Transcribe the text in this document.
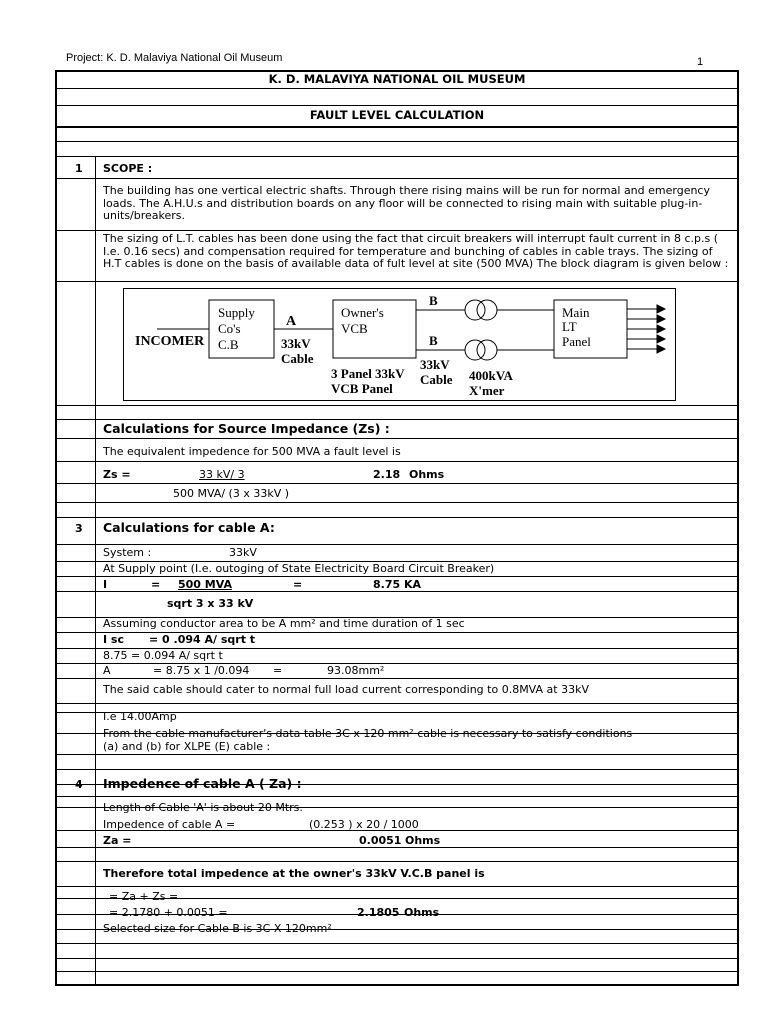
Project: K. D. Malaviya National Oil Museum	1
K. D. MALAVIYA NATIONAL OIL MUSEUM
FAULT LEVEL CALCULATION
1 SCOPE :
The building has one vertical electric shafts. Through there rising mains will be run for normal and emergency loads. The A.H.U.s and distribution boards on any floor will be connected to rising main with suitable plug-in-units/breakers.
The sizing of L.T. cables has been done using the fact that circuit breakers will interrupt fault current in 8 c.p.s ( I.e. 0.16 secs) and compensation required for temperature and bunching of cables in cable trays. The sizing of H.T cables is done on the basis of available data of fult level at site (500 MVA) The block diagram is given below :
INCOMER
Supply
Co's
C.B
A
33kV
Cable
Owner's
VCB
3 Panel 33kV
VCB Panel
B
B
33kV
Cable 400kVA
X'mer
Main
LT
Panel
Calculations for Source Impedance (Zs) :
The equivalent impedence for 500 MVA a fault level is
Zs =	33 kV/ 3	2.18 Ohms
500 MVA/ (3 x 33kV )
3 Calculations for cable A:
System :	33kV
At Supply point (I.e. outoging of State Electricity Board Circuit Breaker)
I	= 500 MVA	=	8.75 KA
sqrt 3 x 33 kV
Assuming conductor area to be A mm² and time duration of 1 sec
I sc = 0 .094 A/ sqrt t
8.75 = 0.094 A/ sqrt t
A	= 8.75 x 1 /0.094 =	93.08mm²
The said cable should cater to normal full load current corresponding to 0.8MVA at 33kV
I.e 14.00Amp
From the cable manufacturer's data table 3C x 120 mm² cable is necessary to satisfy conditions
(a) and (b) for XLPE (E) cable :
4 Impedence of cable A ( Za) :
Length of Cable 'A' is about 20 Mtrs.
Impedence of cable A =	(0.253 ) x 20 / 1000
Za =	0.0051 Ohms
Therefore total impedence at the owner's 33kV V.C.B panel is
= Za + Zs =
= 2.1780 + 0.0051 =	2.1805 Ohms
Selected size for Cable B is 3C X 120mm²
